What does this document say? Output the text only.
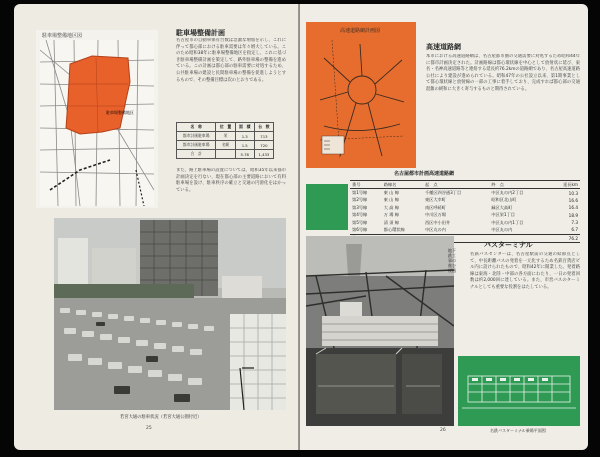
駐車場整備地区図
駐車場整備地区
駐車場整備計画
名古屋市の自動車保有台数は急激な増加を示し、これに伴って都心部における駐車需要は年々増大している。このため昭和38年に駐車場整備地区を指定し、これに基づき駐車場整備計画を策定して、路外駐車場の整備を進めている。この計画は都心部の駐車需要に対処するため、公共駐車場の建設と民間駐車場の整備を促進しようとするもので、その整備目標は次のとおりである。
名　称	位　置	面　積	台　数
都市計画駐車場	栄	1.3	713
都市計画駐車場	名駅	1.5	720
合　計		5.76	1,433
また、路上駐車場の設置については、昭和35年以来都市計画決定を行ない、現在都心部の主要道路において有料駐車場を設け、駐車秩序の確立と交通の円滑化をはかっている。
若宮大通の駐車状況（若宮大通公園付近）
25
高速道路網計画図
高速道路網
本市における高速道路網は、名古屋都市圏の交通需要に対処するため昭和44年に都市計画決定された。計画路線は都心環状線を中心として放射状に延び、東名・名神高速道路等と連絡する延長約76.2kmの道路網であり、名古屋高速道路公社により建設が進められている。昭和47年の公社設立以来、第1期事業として都心環状線と放射線の一部の工事に着手しており、完成すれば都心部の交通混雑の緩和に大きく寄与するものと期待されている。
名古屋都市計画高速道路網
番号	路線名	起　点	終　点	延長km
第1号線	東 山 線	千種区四谷通3丁目	中区丸の内2丁目	10.3
第2号線	東 山 線	東区大幸町	昭和区北山町	16.6
第3号線	大 高 線	南区呼続町	緑区大高町	16.4
第4号線	万 場 線	中川区万場	中区栄1丁目	18.9
第5号線	清 須 線	西区中小田井	中区丸の内1丁目	7.3
第6号線	都心環状線	中区丸の内	中区丸の内	6.7
				76.2
地下鉄工事の進む桜通
バスターミナル
名鉄バスセンターは、名古屋駅前の交通の結節点として、中長距離バスの発着を一元化するため名鉄百貨店ビル内に設けられたもので、昭和42年に開業した。発着路線は東海・北陸・中部の各方面にわたり、一日の発着回数は約2,000回に達している。また、市営バスのターミナルとしても重要な役割をはたしている。
名鉄バスターミナル乗場平面図
26
